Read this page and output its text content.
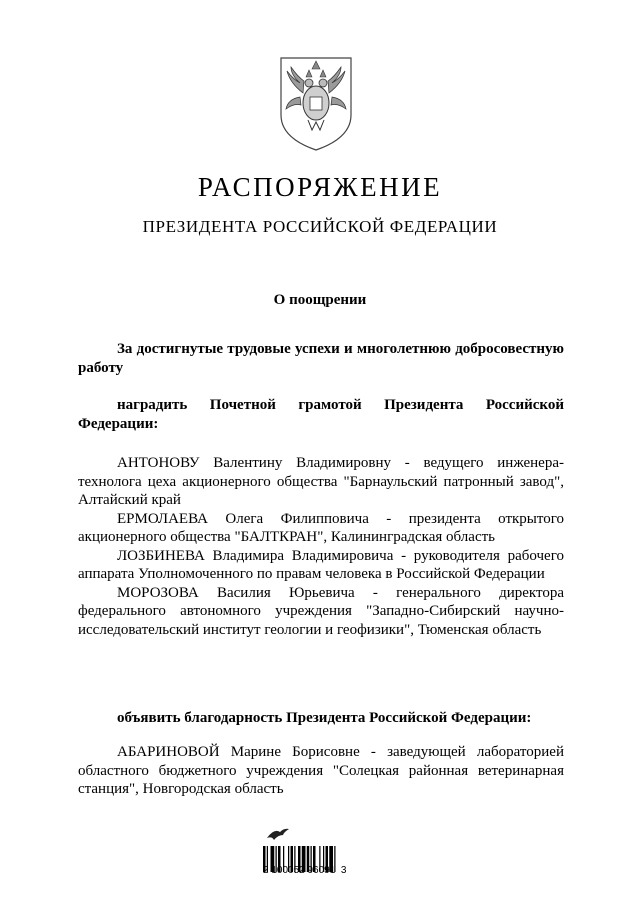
РАСПОРЯЖЕНИЕ
ПРЕЗИДЕНТА РОССИЙСКОЙ ФЕДЕРАЦИИ
О поощрении

За достигнутые трудовые успехи и многолетнюю добросовестную работу

наградить Почетной грамотой Президента Российской Федерации:

АНТОНОВУ Валентину Владимировну - ведущего инженера-технолога цеха акционерного общества "Барнаульский патронный завод", Алтайский край

ЕРМОЛАЕВА Олега Филипповича - президента открытого акционерного общества "БАЛТКРАН", Калининградская область

ЛОЗБИНЕВА Владимира Владимировича - руководителя рабочего аппарата Уполномоченного по правам человека в Российской Федерации

МОРОЗОВА Василия Юрьевича - генерального директора федерального автономного учреждения "Западно-Сибирский научно-исследовательский институт геологии и геофизики", Тюменская область

объявить благодарность Президента Российской Федерации:

АБАРИНОВОЙ Марине Борисовне - заведующей лабораторией областного бюджетного учреждения "Солецкая районная ветеринарная станция", Новгородская область

2 100052 96091  3
